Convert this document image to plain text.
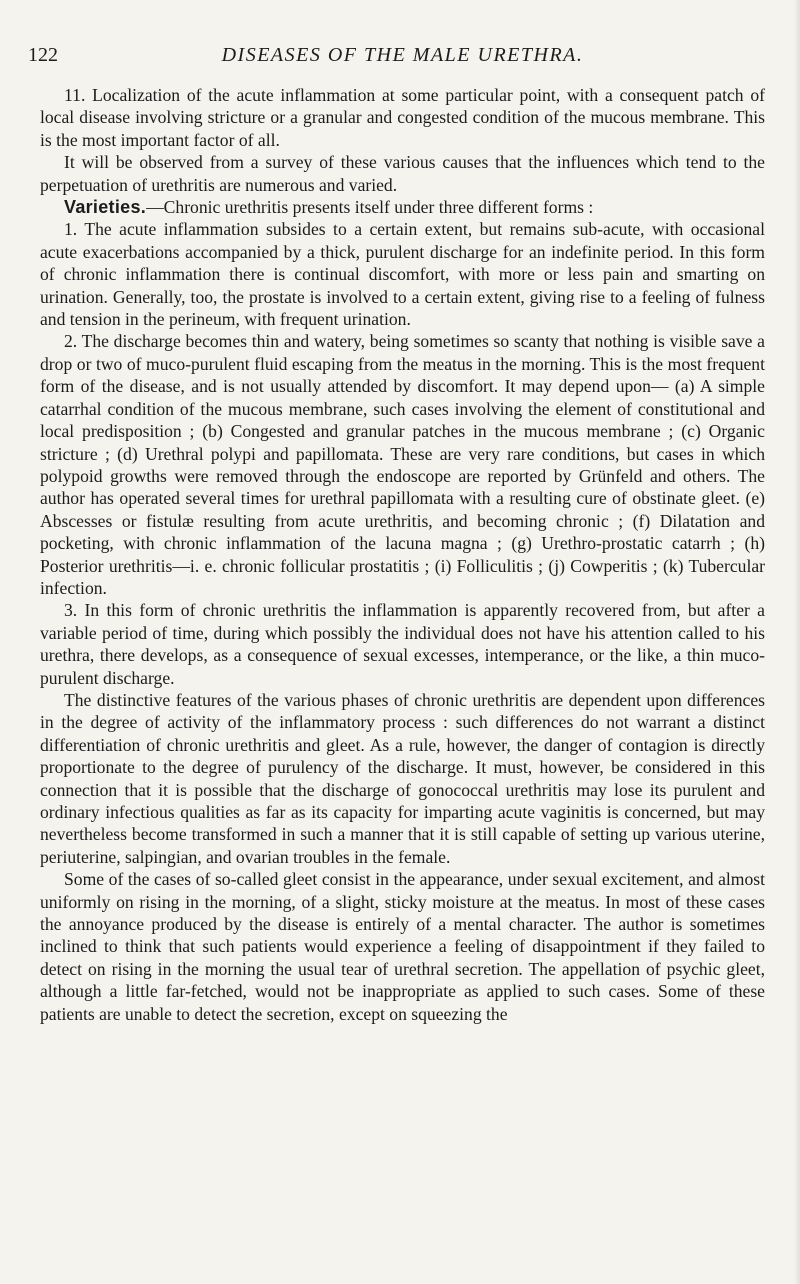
122	DISEASES OF THE MALE URETHRA.

11. Localization of the acute inflammation at some particular point, with a consequent patch of local disease involving stricture or a granular and congested condition of the mucous membrane. This is the most important factor of all.

It will be observed from a survey of these various causes that the influences which tend to the perpetuation of urethritis are numerous and varied.

Varieties.—Chronic urethritis presents itself under three different forms :

1. The acute inflammation subsides to a certain extent, but remains sub-acute, with occasional acute exacerbations accompanied by a thick, purulent discharge for an indefinite period. In this form of chronic inflammation there is continual discomfort, with more or less pain and smarting on urination. Generally, too, the prostate is involved to a certain extent, giving rise to a feeling of fulness and tension in the perineum, with frequent urination.

2. The discharge becomes thin and watery, being sometimes so scanty that nothing is visible save a drop or two of muco-purulent fluid escaping from the meatus in the morning. This is the most frequent form of the disease, and is not usually attended by discomfort. It may depend upon— (a) A simple catarrhal condition of the mucous membrane, such cases involving the element of constitutional and local predisposition ; (b) Congested and granular patches in the mucous membrane ; (c) Organic stricture ; (d) Urethral polypi and papillomata. These are very rare conditions, but cases in which polypoid growths were removed through the endoscope are reported by Grünfeld and others. The author has operated several times for urethral papillomata with a resulting cure of obstinate gleet. (e) Abscesses or fistulæ resulting from acute urethritis, and becoming chronic ; (f) Dilatation and pocketing, with chronic inflammation of the lacuna magna ; (g) Urethro-prostatic catarrh ; (h) Posterior urethritis—i. e. chronic follicular prostatitis ; (i) Folliculitis ; (j) Cowperitis ; (k) Tubercular infection.

3. In this form of chronic urethritis the inflammation is apparently recovered from, but after a variable period of time, during which possibly the individual does not have his attention called to his urethra, there develops, as a consequence of sexual excesses, intemperance, or the like, a thin muco-purulent discharge.

The distinctive features of the various phases of chronic urethritis are dependent upon differences in the degree of activity of the inflammatory process : such differences do not warrant a distinct differentiation of chronic urethritis and gleet. As a rule, however, the danger of contagion is directly proportionate to the degree of purulency of the discharge. It must, however, be considered in this connection that it is possible that the discharge of gonococcal urethritis may lose its purulent and ordinary infectious qualities as far as its capacity for imparting acute vaginitis is concerned, but may nevertheless become transformed in such a manner that it is still capable of setting up various uterine, periuterine, salpingian, and ovarian troubles in the female.

Some of the cases of so-called gleet consist in the appearance, under sexual excitement, and almost uniformly on rising in the morning, of a slight, sticky moisture at the meatus. In most of these cases the annoyance produced by the disease is entirely of a mental character. The author is sometimes inclined to think that such patients would experience a feeling of disappointment if they failed to detect on rising in the morning the usual tear of urethral secretion. The appellation of psychic gleet, although a little far-fetched, would not be inappropriate as applied to such cases. Some of these patients are unable to detect the secretion, except on squeezing the
